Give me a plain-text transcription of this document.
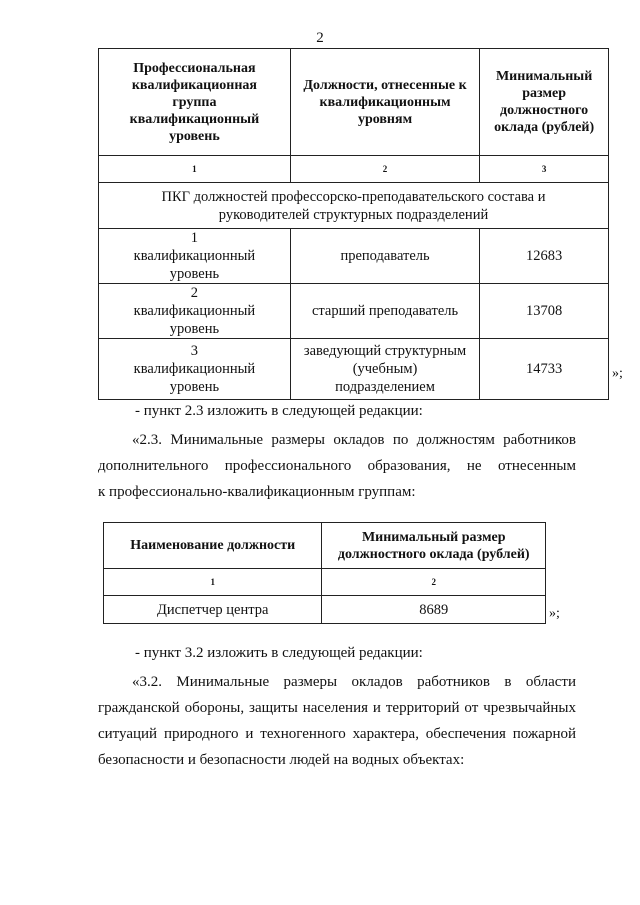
2
Профессиональная квалификационная группа квалификационный уровень	Должности, отнесенные к квалификационным уровням	Минимальный размер должностного оклада (рублей)
1	2	3
ПКГ должностей профессорско-преподавательского состава и руководителей структурных подразделений		
1 квалификационный уровень	преподаватель	12683
2 квалификационный уровень	старший преподаватель	13708
3 квалификационный уровень	заведующий структурным (учебным) подразделением	14733	»;
- пункт 2.3 изложить в следующей редакции:
«2.3. Минимальные размеры окладов по должностям работников
дополнительного профессионального образования, не отнесенным
к профессионально-квалификационным группам:
Наименование должности	Минимальный размер должностного оклада (рублей)
1	2
Диспетчер центра	8689	»;
- пункт 3.2 изложить в следующей редакции:
«3.2. Минимальные размеры окладов работников в области
гражданской обороны, защиты населения и территорий от чрезвычайных
ситуаций природного и техногенного характера, обеспечения пожарной
безопасности и безопасности людей на водных объектах:
